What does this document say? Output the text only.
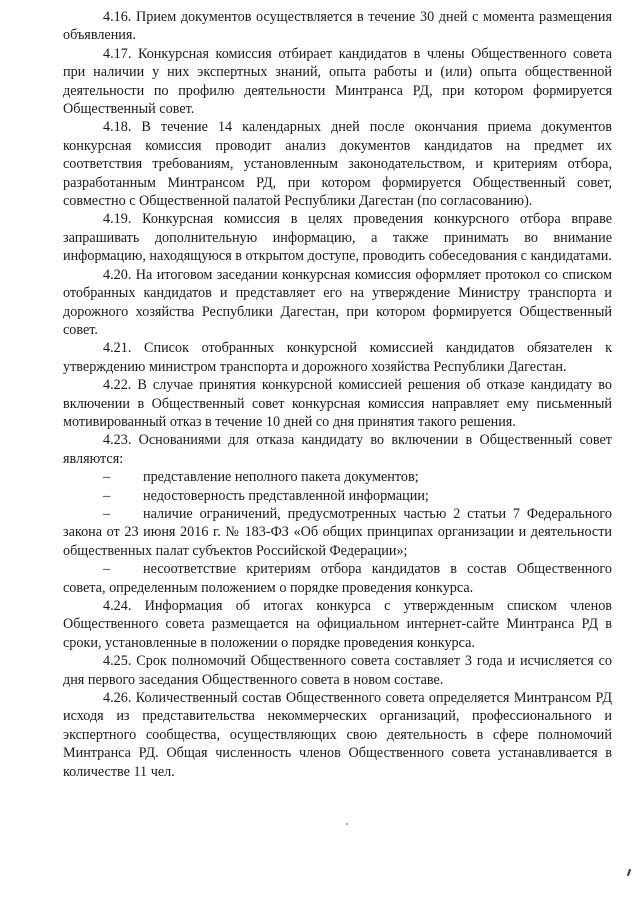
4.16. Прием документов осуществляется в течение 30 дней с момента размещения объявления.

4.17. Конкурсная комиссия отбирает кандидатов в члены Общественного совета при наличии у них экспертных знаний, опыта работы и (или) опыта общественной деятельности по профилю деятельности Минтранса РД, при котором формируется Общественный совет.

4.18. В течение 14 календарных дней после окончания приема документов конкурсная комиссия проводит анализ документов кандидатов на предмет их соответствия требованиям, установленным законодательством, и критериям отбора, разработанным Минтрансом РД, при котором формируется Общественный совет, совместно с Общественной палатой Республики Дагестан (по согласованию).

4.19. Конкурсная комиссия в целях проведения конкурсного отбора вправе запрашивать дополнительную информацию, а также принимать во внимание информацию, находящуюся в открытом доступе, проводить собеседования с кандидатами.

4.20. На итоговом заседании конкурсная комиссия оформляет протокол со списком отобранных кандидатов и представляет его на утверждение Министру транспорта и дорожного хозяйства Республики Дагестан, при котором формируется Общественный совет.

4.21. Список отобранных конкурсной комиссией кандидатов обязателен к утверждению министром транспорта и дорожного хозяйства Республики Дагестан.

4.22. В случае принятия конкурсной комиссией решения об отказе кандидату во включении в Общественный совет конкурсная комиссия направляет ему письменный мотивированный отказ в течение 10 дней со дня принятия такого решения.

4.23. Основаниями для отказа кандидату во включении в Общественный совет являются:

– представление неполного пакета документов;

– недостоверность представленной информации;

– наличие ограничений, предусмотренных частью 2 статьи 7 Федерального закона от 23 июня 2016 г. № 183-ФЗ «Об общих принципах организации и деятельности общественных палат субъектов Российской Федерации»;

– несоответствие критериям отбора кандидатов в состав Общественного совета, определенным положением о порядке проведения конкурса.

4.24. Информация об итогах конкурса с утвержденным списком членов Общественного совета размещается на официальном интернет-сайте Минтранса РД в сроки, установленные в положении о порядке проведения конкурса.

4.25. Срок полномочий Общественного совета составляет 3 года и исчисляется со дня первого заседания Общественного совета в новом составе.

4.26. Количественный состав Общественного совета определяется Минтрансом РД исходя из представительства некоммерческих организаций, профессионального и экспертного сообщества, осуществляющих свою деятельность в сфере полномочий Минтранса РД. Общая численность членов Общественного совета устанавливается в количестве 11 чел.
